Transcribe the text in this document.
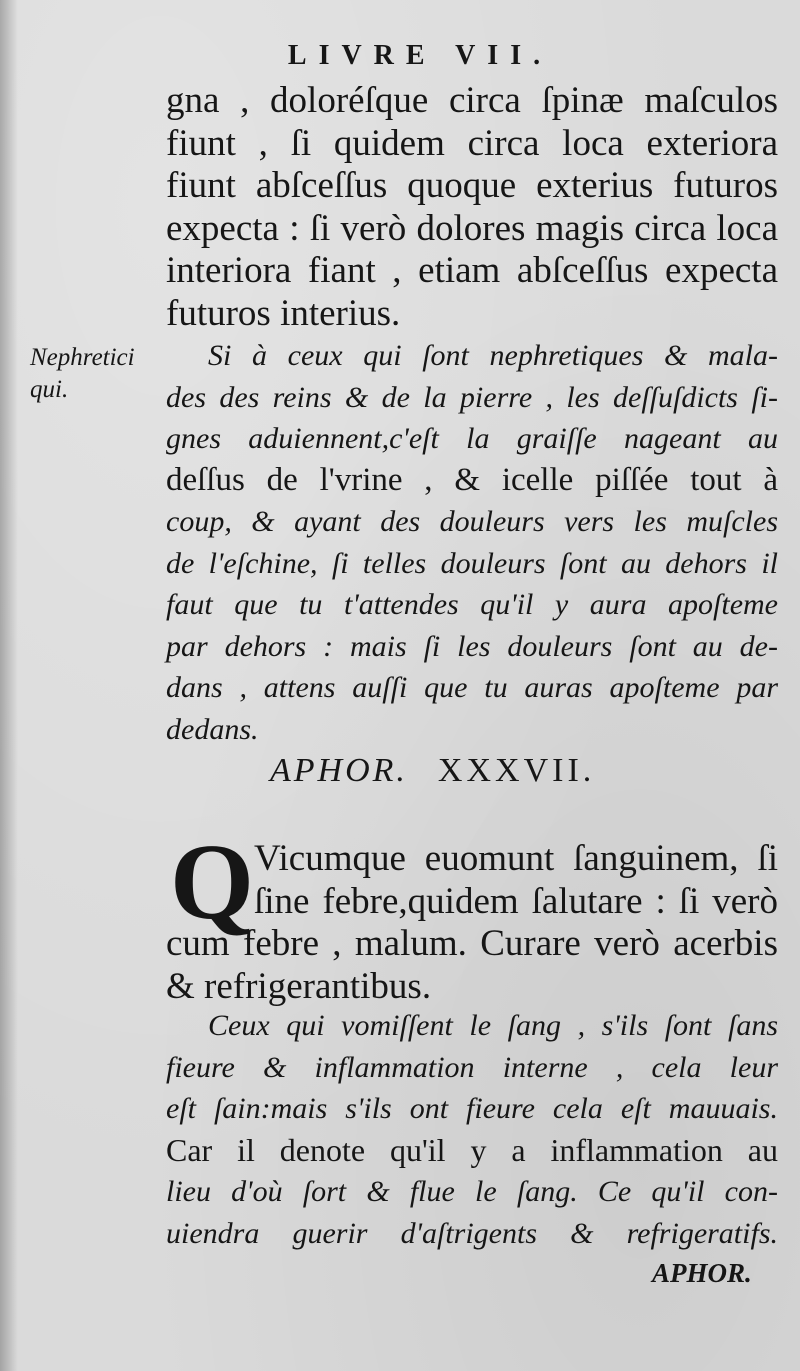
LIVRE VII.
gna , doloréſque circa ſpinæ maſculos
fiunt , ſi quidem circa loca exteriora
fiunt abſceſſus quoque exterius futuros
expecta : ſi verò dolores magis circa loca
interiora fiant , etiam abſceſſus expecta
futuros interius.
Nephretici
qui.
Si à ceux qui ſont nephretiques & mala-
des des reins & de la pierre , les deſſuſdicts ſi-
gnes aduiennent,c'eſt la graiſſe nageant au
deſſus de l'vrine , & icelle piſſée tout à
coup, & ayant des douleurs vers les muſcles
de l'eſchine, ſi telles douleurs ſont au dehors il
faut que tu t'attendes qu'il y aura apoſteme
par dehors : mais ſi les douleurs ſont au de-
dans , attens auſſi que tu auras apoſteme par
dedans.
APHOR. XXXVII.
Q Vicumque euomunt ſanguinem, ſi
ſine febre,quidem ſalutare : ſi verò
cum febre , malum. Curare verò acerbis
& refrigerantibus.
Ceux qui vomiſſent le ſang , s'ils ſont ſans
fieure & inflammation interne , cela leur
eſt ſain:mais s'ils ont fieure cela eſt mauuais.
Car il denote qu'il y a inflammation au
lieu d'où ſort & flue le ſang. Ce qu'il con-
uiendra guerir d'aſtrigents & refrigeratifs.
APHOR.
